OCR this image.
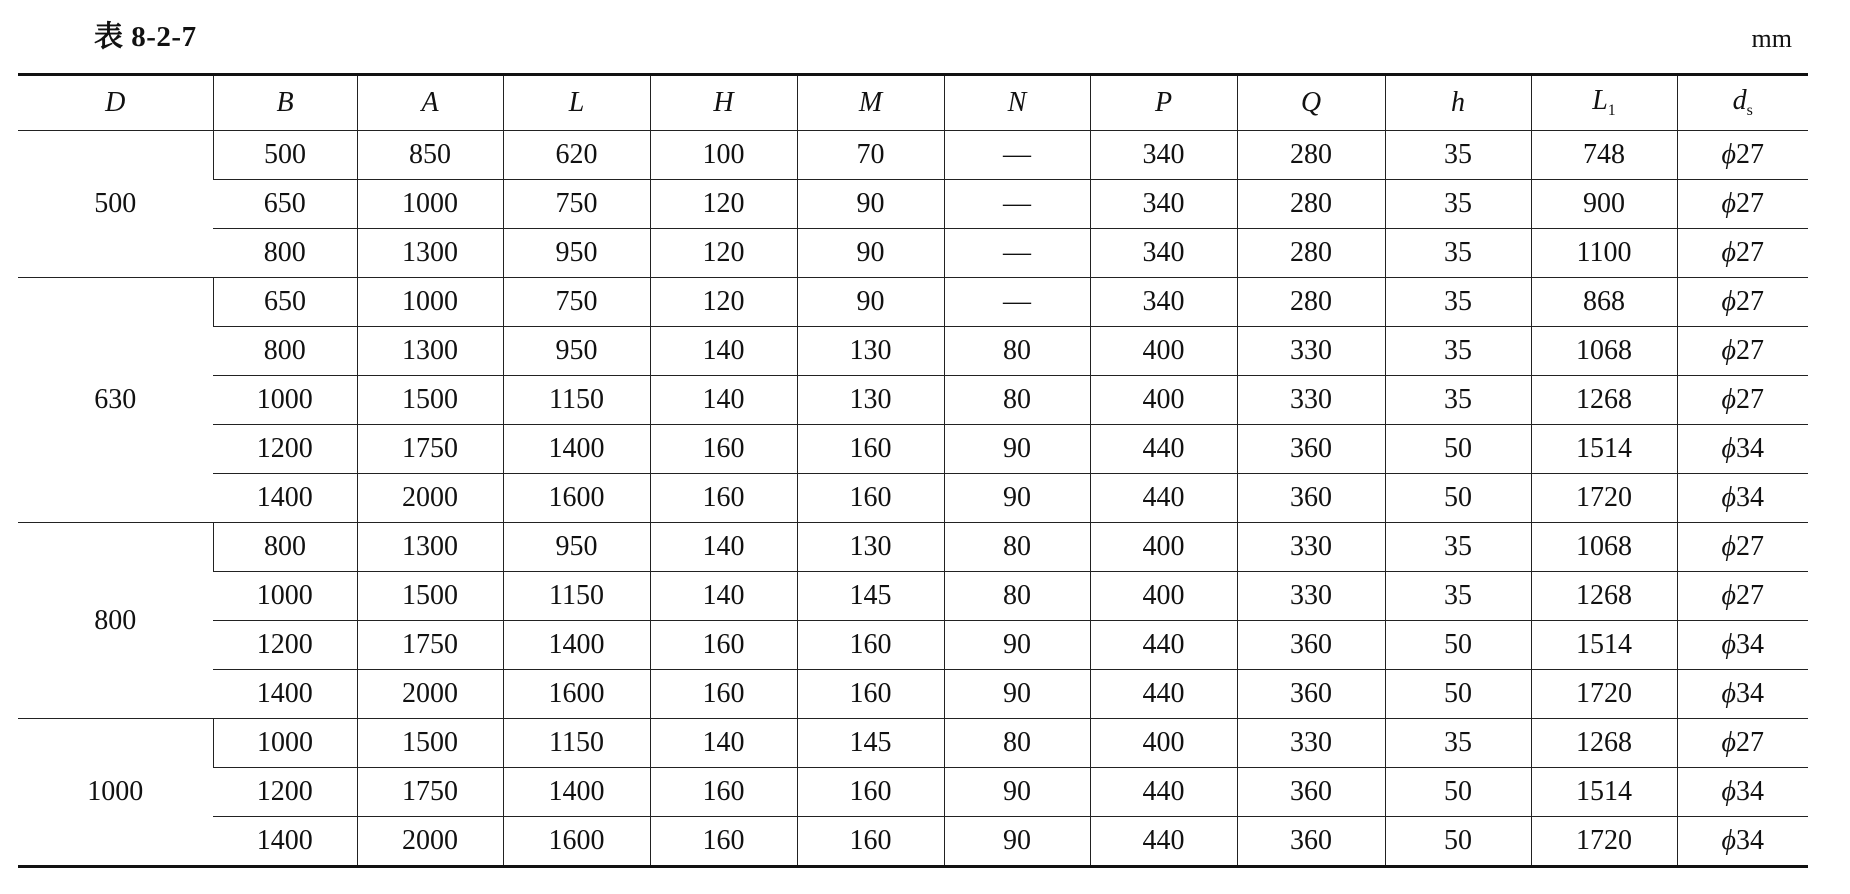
表 8-2-7	mm
D	B	A	L	H	M	N	P	Q	h	$L_1$	$d_s$
500	500	850	620	100	70	—	340	280	35	748	ϕ27
	650	1000	750	120	90	—	340	280	35	900	ϕ27
	800	1300	950	120	90	—	340	280	35	1100	ϕ27
630	650	1000	750	120	90	—	340	280	35	868	ϕ27
	800	1300	950	140	130	80	400	330	35	1068	ϕ27
	1000	1500	1150	140	130	80	400	330	35	1268	ϕ27
	1200	1750	1400	160	160	90	440	360	50	1514	ϕ34
	1400	2000	1600	160	160	90	440	360	50	1720	ϕ34
800	800	1300	950	140	130	80	400	330	35	1068	ϕ27
	1000	1500	1150	140	145	80	400	330	35	1268	ϕ27
	1200	1750	1400	160	160	90	440	360	50	1514	ϕ34
	1400	2000	1600	160	160	90	440	360	50	1720	ϕ34
1000	1000	1500	1150	140	145	80	400	330	35	1268	ϕ27
	1200	1750	1400	160	160	90	440	360	50	1514	ϕ34
	1400	2000	1600	160	160	90	440	360	50	1720	ϕ34
